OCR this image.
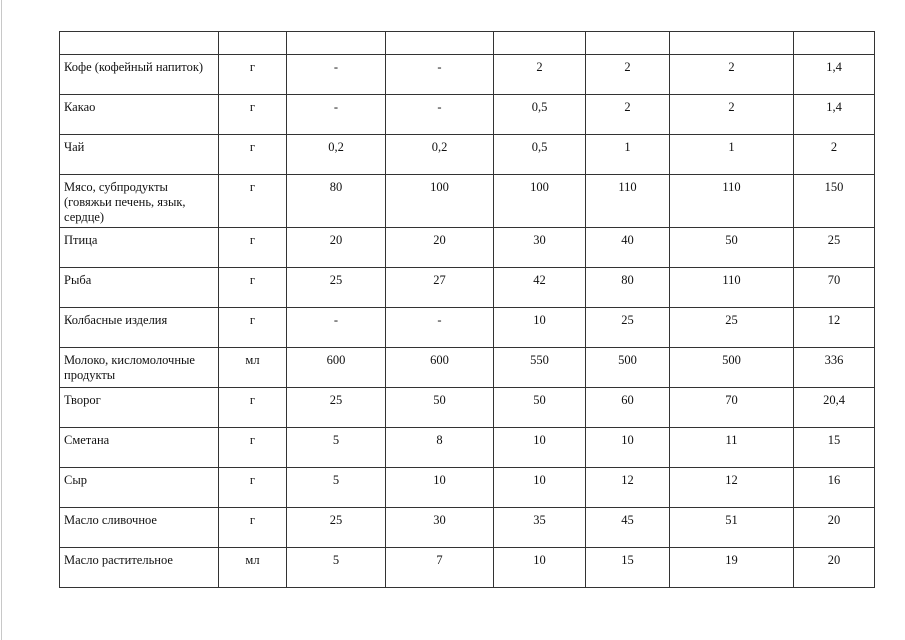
Кофе (кофейный напиток)	г	-	-	2	2	2	1,4
Какао	г	-	-	0,5	2	2	1,4
Чай	г	0,2	0,2	0,5	1	1	2
Мясо, субпродукты (говяжьи печень, язык, сердце)	г	80	100	100	110	110	150
Птица	г	20	20	30	40	50	25
Рыба	г	25	27	42	80	110	70
Колбасные изделия	г	-	-	10	25	25	12
Молоко, кисломолочные продукты	мл	600	600	550	500	500	336
Творог	г	25	50	50	60	70	20,4
Сметана	г	5	8	10	10	11	15
Сыр	г	5	10	10	12	12	16
Масло сливочное	г	25	30	35	45	51	20
Масло растительное	мл	5	7	10	15	19	20
